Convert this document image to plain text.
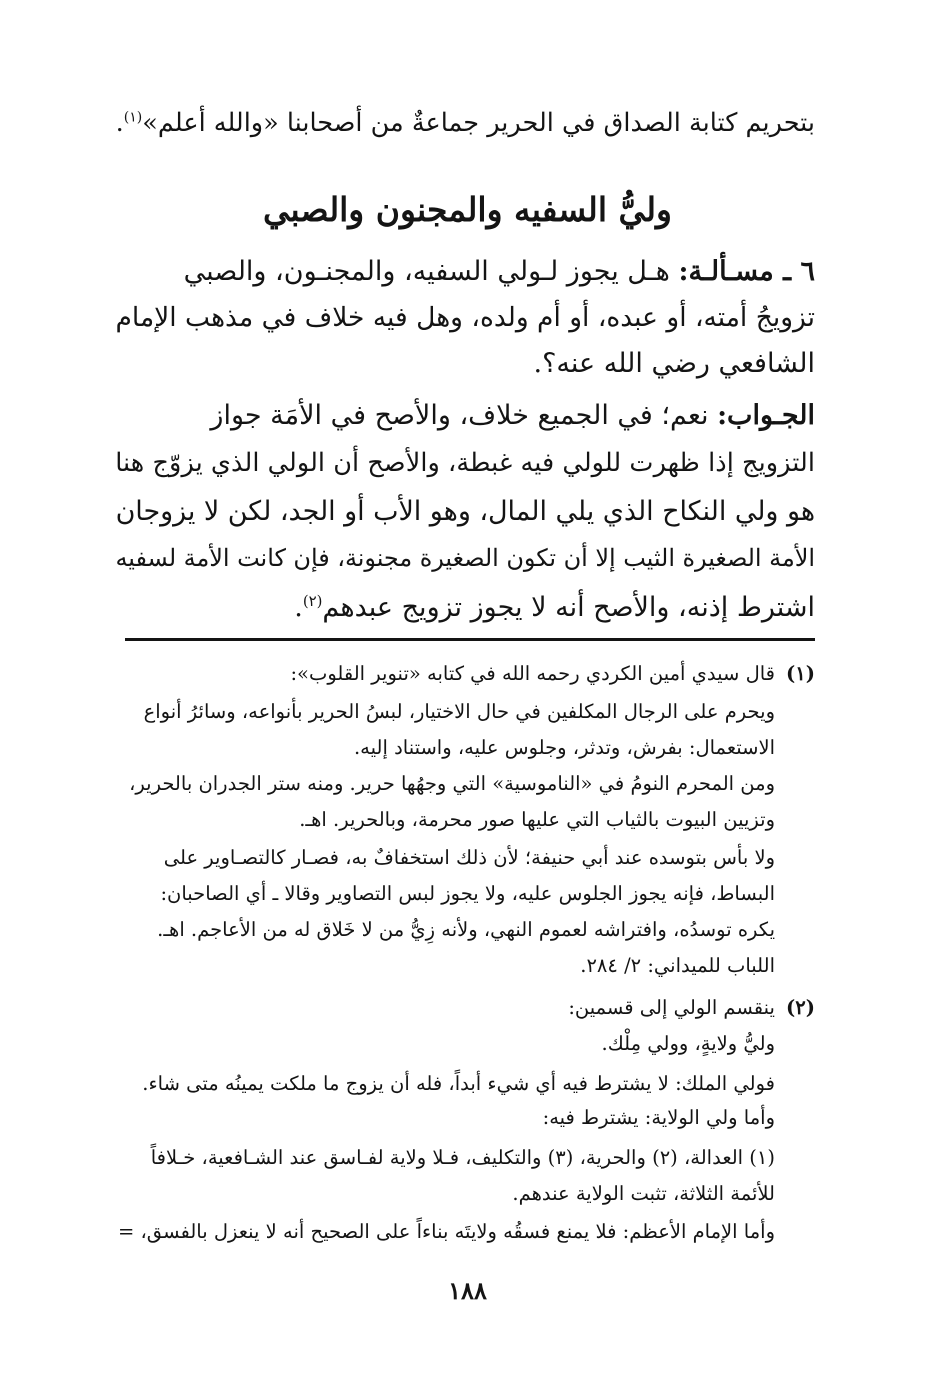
بتحريم كتابة الصداق في الحرير جماعةٌ من أصحابنا «والله أعلم»$^{(١)}$.
وليُّ السفيه والمجنون والصبي
٦ ـ مسـألـة: هـل يجوز لـولي السفيه، والمجنـون، والصبي
تزويجُ أمته، أو عبده، أو أم ولده، وهل فيه خلاف في مذهب الإمام
الشافعي رضي الله عنه؟.
الجـواب: نعم؛ في الجميع خلاف، والأصح في الأمَة جواز
التزويج إذا ظهرت للولي فيه غبطة، والأصح أن الولي الذي يزوّج هنا
هو ولي النكاح الذي يلي المال، وهو الأب أو الجد، لكن لا يزوجان
الأمة الصغيرة الثيب إلا أن تكون الصغيرة مجنونة، فإن كانت الأمة لسفيه
اشترط إذنه، والأصح أنه لا يجوز تزويج عبدهم$^{(٢)}$.
(١)
قال سيدي أمين الكردي رحمه الله في كتابه «تنوير القلوب»:
ويحرم على الرجال المكلفين في حال الاختيار، لبسُ الحرير بأنواعه، وسائرُ أنواع
الاستعمال: بفرش، وتدثر، وجلوس عليه، واستناد إليه.
ومن المحرم النومُ في «الناموسية» التي وجهُها حرير. ومنه ستر الجدران بالحرير،
وتزيين البيوت بالثياب التي عليها صور محرمة، وبالحرير. اهـ.
ولا بأس بتوسده عند أبي حنيفة؛ لأن ذلك استخفافٌ به، فصـار كالتصـاوير على
البساط، فإنه يجوز الجلوس عليه، ولا يجوز لبس التصاوير وقالا ـ أي الصاحبان:
يكره توسدُه، وافتراشه لعموم النهي، ولأنه زِيُّ من لا خَلاق له من الأعاجم. اهـ.
اللباب للميداني: ٢/ ٢٨٤.
(٢)
ينقسم الولي إلى قسمين:
وليُّ ولايةٍ، وولي مِلْك.
فولي الملك: لا يشترط فيه أي شيء أبداً، فله أن يزوج ما ملكت يمينُه متى شاء.
وأما ولي الولاية: يشترط فيه:
(١) العدالة، (٢) والحرية، (٣) والتكليف، فـلا ولاية لفـاسق عند الشـافعية، خـلافاً
للأئمة الثلاثة، تثبت الولاية عندهم.
وأما الإمام الأعظم: فلا يمنع فسقُه ولايتَه بناءاً على الصحيح أنه لا ينعزل بالفسق، =
١٨٨
